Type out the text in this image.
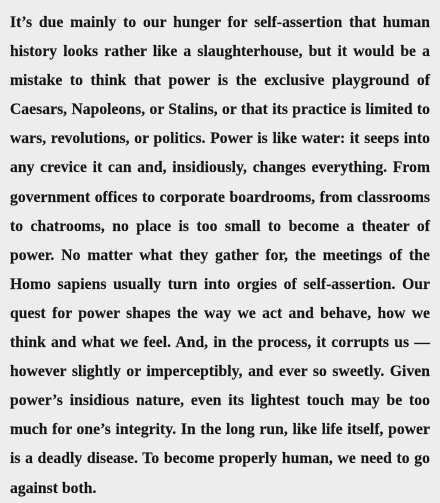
It’s due mainly to our hunger for self-assertion that human history looks rather like a slaughterhouse, but it would be a mistake to think that power is the exclusive playground of Caesars, Napoleons, or Stalins, or that its practice is limited to wars, revolutions, or politics. Power is like water: it seeps into any crevice it can and, insidiously, changes everything. From government offices to corporate boardrooms, from classrooms to chatrooms, no place is too small to become a theater of power. No matter what they gather for, the meetings of the Homo sapiens usually turn into orgies of self-assertion. Our quest for power shapes the way we act and behave, how we think and what we feel. And, in the process, it corrupts us — however slightly or imperceptibly, and ever so sweetly. Given power’s insidious nature, even its lightest touch may be too much for one’s integrity. In the long run, like life itself, power is a deadly disease. To become properly human, we need to go against both.
